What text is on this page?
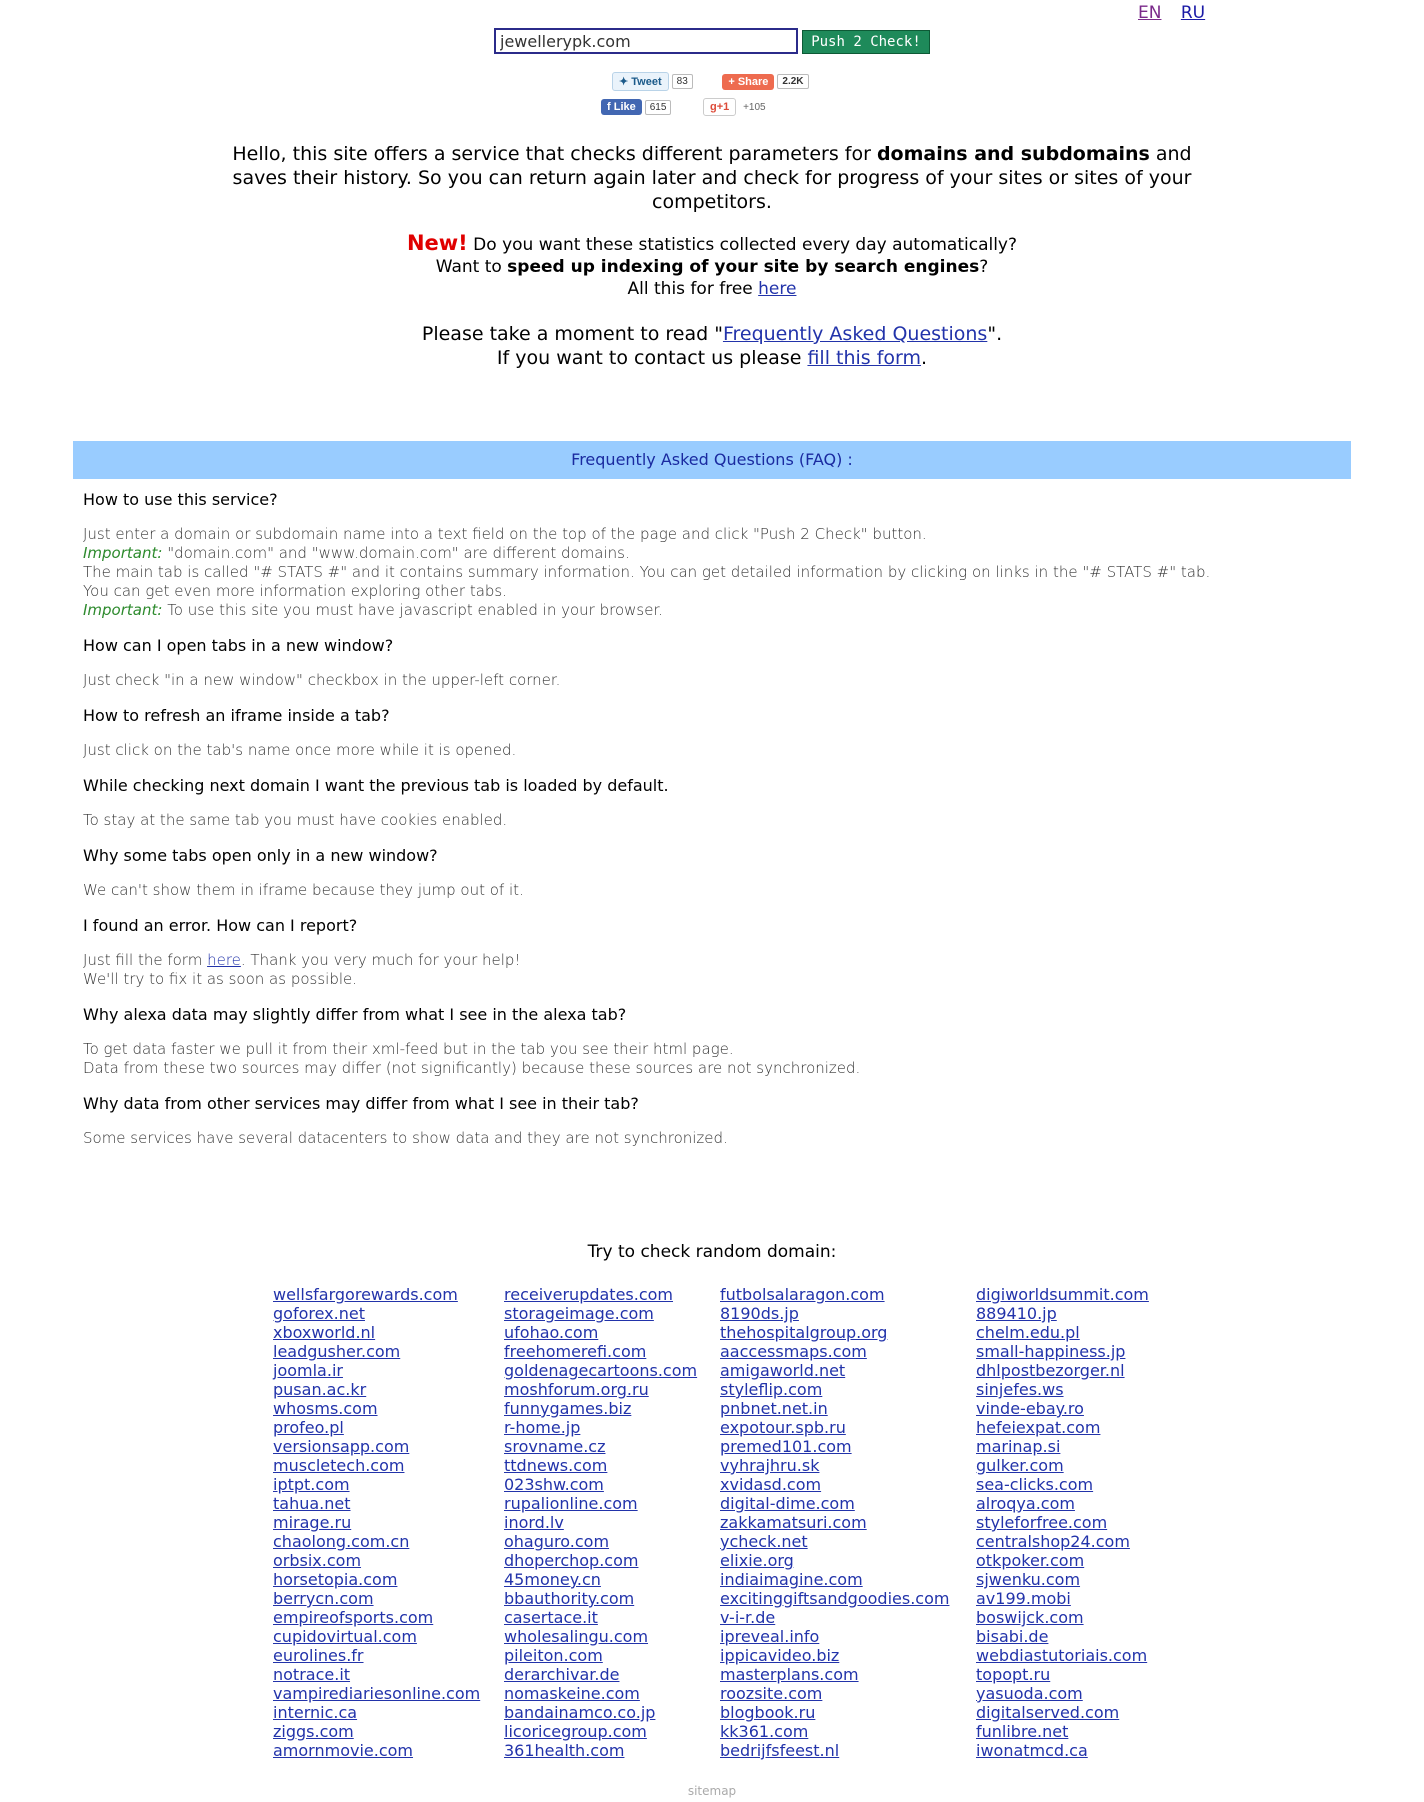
EN RU
jewellerypk.com
Push 2 Check!
✦ Tweet 83	+ Share 2.2K
f Like 615	g+1 +105
Hello, this site offers a service that checks different parameters for domains and subdomains and saves their history. So you can return again later and check for progress of your sites or sites of your competitors.
New! Do you want these statistics collected every day automatically?
Want to speed up indexing of your site by search engines?
All this for free here
Please take a moment to read "Frequently Asked Questions".
If you want to contact us please fill this form.
Frequently Asked Questions (FAQ) :
How to use this service?
Just enter a domain or subdomain name into a text field on the top of the page and click "Push 2 Check" button.
Important: "domain.com" and "www.domain.com" are different domains.
The main tab is called "# STATS #" and it contains summary information. You can get detailed information by clicking on links in the "# STATS #" tab.
You can get even more information exploring other tabs.
Important: To use this site you must have javascript enabled in your browser.
How can I open tabs in a new window?
Just check "in a new window" checkbox in the upper-left corner.
How to refresh an iframe inside a tab?
Just click on the tab's name once more while it is opened.
While checking next domain I want the previous tab is loaded by default.
To stay at the same tab you must have cookies enabled.
Why some tabs open only in a new window?
We can't show them in iframe because they jump out of it.
I found an error. How can I report?
Just fill the form here. Thank you very much for your help!
We'll try to fix it as soon as possible.
Why alexa data may slightly differ from what I see in the alexa tab?
To get data faster we pull it from their xml-feed but in the tab you see their html page.
Data from these two sources may differ (not significantly) because these sources are not synchronized.
Why data from other services may differ from what I see in their tab?
Some services have several datacenters to show data and they are not synchronized.
Try to check random domain:
wellsfargorewards.com
goforex.net
xboxworld.nl
leadgusher.com
joomla.ir
pusan.ac.kr
whosms.com
profeo.pl
versionsapp.com
muscletech.com
iptpt.com
tahua.net
mirage.ru
chaolong.com.cn
orbsix.com
horsetopia.com
berrycn.com
empireofsports.com
cupidovirtual.com
eurolines.fr
notrace.it
vampirediariesonline.com
internic.ca
ziggs.com
amornmovie.com
receiverupdates.com
storageimage.com
ufohao.com
freehomerefi.com
goldenagecartoons.com
moshforum.org.ru
funnygames.biz
r-home.jp
srovname.cz
ttdnews.com
023shw.com
rupalionline.com
inord.lv
ohaguro.com
dhoperchop.com
45money.cn
bbauthority.com
casertace.it
wholesalingu.com
pileiton.com
derarchivar.de
nomaskeine.com
bandainamco.co.jp
licoricegroup.com
361health.com
futbolsalaragon.com
8190ds.jp
thehospitalgroup.org
aaccessmaps.com
amigaworld.net
styleflip.com
pnbnet.net.in
expotour.spb.ru
premed101.com
vyhrajhru.sk
xvidasd.com
digital-dime.com
zakkamatsuri.com
ycheck.net
elixie.org
indiaimagine.com
excitinggiftsandgoodies.com
v-i-r.de
ipreveal.info
ippicavideo.biz
masterplans.com
roozsite.com
blogbook.ru
kk361.com
bedrijfsfeest.nl
digiworldsummit.com
889410.jp
chelm.edu.pl
small-happiness.jp
dhlpostbezorger.nl
sinjefes.ws
vinde-ebay.ro
hefeiexpat.com
marinap.si
gulker.com
sea-clicks.com
alroqya.com
styleforfree.com
centralshop24.com
otkpoker.com
sjwenku.com
av199.mobi
boswijck.com
bisabi.de
webdiastutoriais.com
topopt.ru
yasuoda.com
digitalserved.com
funlibre.net
iwonatmcd.ca
sitemap
